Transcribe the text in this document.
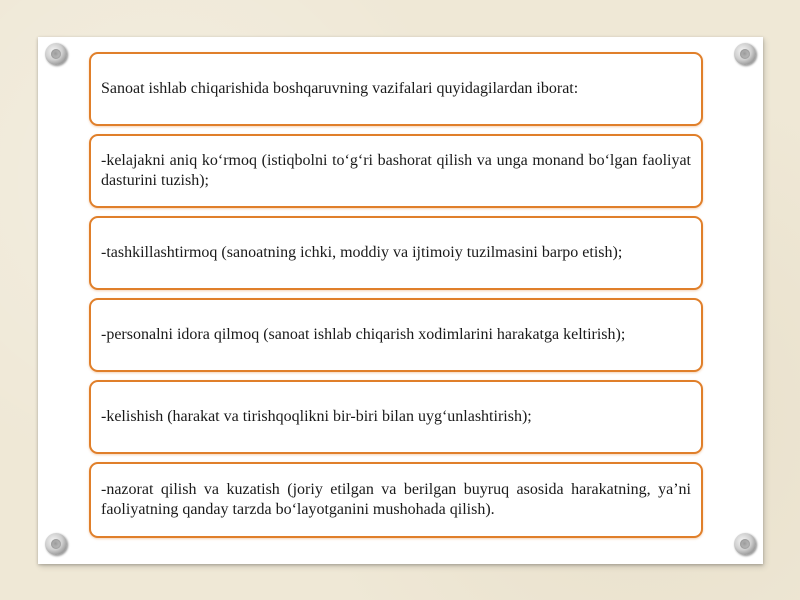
Sanoat ishlab chiqarishida boshqaruvning vazifalari quyidagilardan iborat:
-kelajakni aniq ko‘rmoq (istiqbolni to‘g‘ri bashorat qilish va unga monand bo‘lgan faoliyat dasturini tuzish);
-tashkillashtirmoq (sanoatning ichki, moddiy va ijtimoiy tuzilmasini barpo etish);
-personalni idora qilmoq (sanoat ishlab chiqarish xodimlarini harakatga keltirish);
-kelishish (harakat va tirishqoqlikni bir-biri bilan uyg‘unlashtirish);
-nazorat qilish va kuzatish (joriy etilgan va berilgan buyruq asosida harakatning, ya’ni faoliyatning qanday tarzda bo‘layotganini mushohada qilish).
